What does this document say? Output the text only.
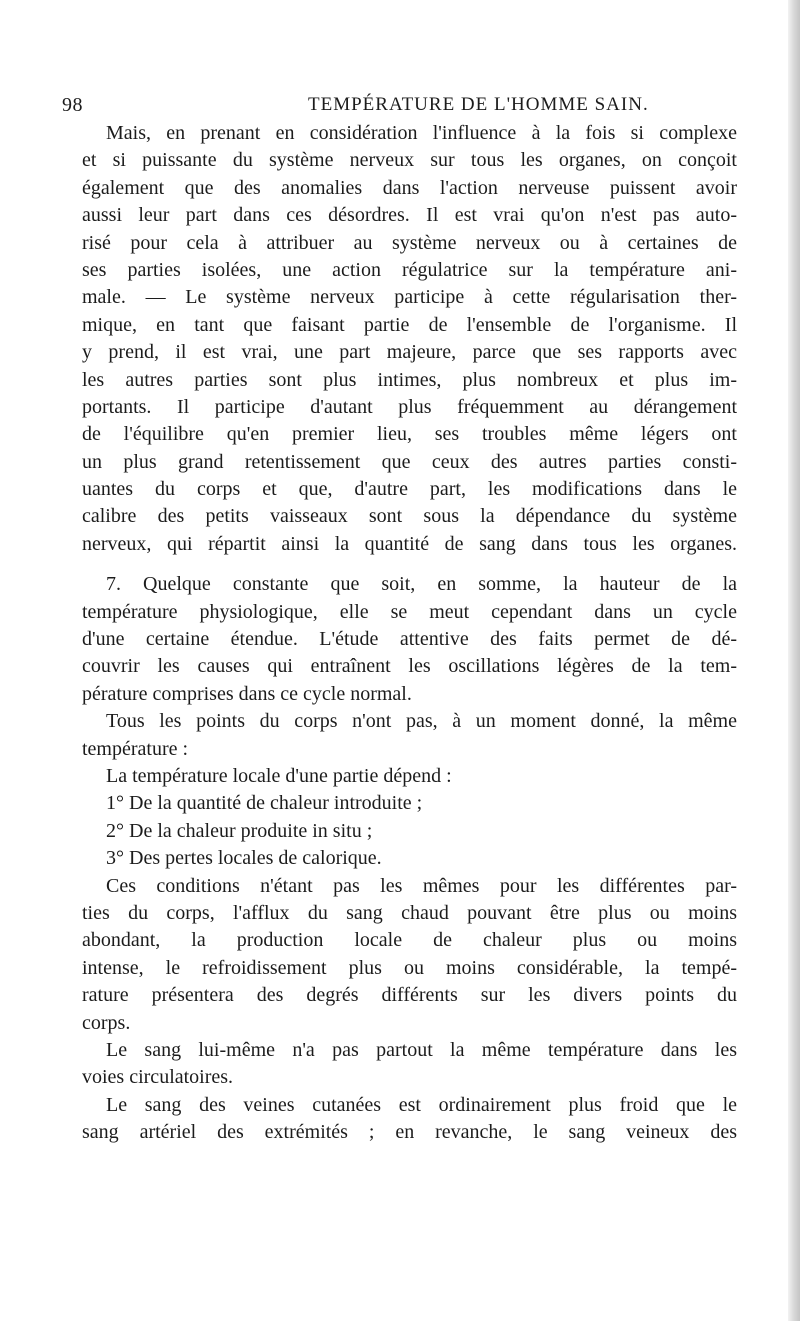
98	TEMPÉRATURE DE L'HOMME SAIN.
Mais, en prenant en considération l'influence à la fois si complexe
et si puissante du système nerveux sur tous les organes, on conçoit
également que des anomalies dans l'action nerveuse puissent avoir
aussi leur part dans ces désordres. Il est vrai qu'on n'est pas auto-
risé pour cela à attribuer au système nerveux ou à certaines de
ses parties isolées, une action régulatrice sur la température ani-
male. — Le système nerveux participe à cette régularisation ther-
mique, en tant que faisant partie de l'ensemble de l'organisme. Il
y prend, il est vrai, une part majeure, parce que ses rapports avec
les autres parties sont plus intimes, plus nombreux et plus im-
portants. Il participe d'autant plus fréquemment au dérangement
de l'équilibre qu'en premier lieu, ses troubles même légers ont
un plus grand retentissement que ceux des autres parties consti-
uantes du corps et que, d'autre part, les modifications dans le
calibre des petits vaisseaux sont sous la dépendance du système
nerveux, qui répartit ainsi la quantité de sang dans tous les organes.
7. Quelque constante que soit, en somme, la hauteur de la
température physiologique, elle se meut cependant dans un cycle
d'une certaine étendue. L'étude attentive des faits permet de dé-
couvrir les causes qui entraînent les oscillations légères de la tem-
pérature comprises dans ce cycle normal.
Tous les points du corps n'ont pas, à un moment donné, la même
température :
La température locale d'une partie dépend :
1° De la quantité de chaleur introduite ;
2° De la chaleur produite in situ ;
3° Des pertes locales de calorique.
Ces conditions n'étant pas les mêmes pour les différentes par-
ties du corps, l'afflux du sang chaud pouvant être plus ou moins
abondant, la production locale de chaleur plus ou moins
intense, le refroidissement plus ou moins considérable, la tempé-
rature présentera des degrés différents sur les divers points du
corps.
Le sang lui-même n'a pas partout la même température dans les
voies circulatoires.
Le sang des veines cutanées est ordinairement plus froid que le
sang artériel des extrémités ; en revanche, le sang veineux des
